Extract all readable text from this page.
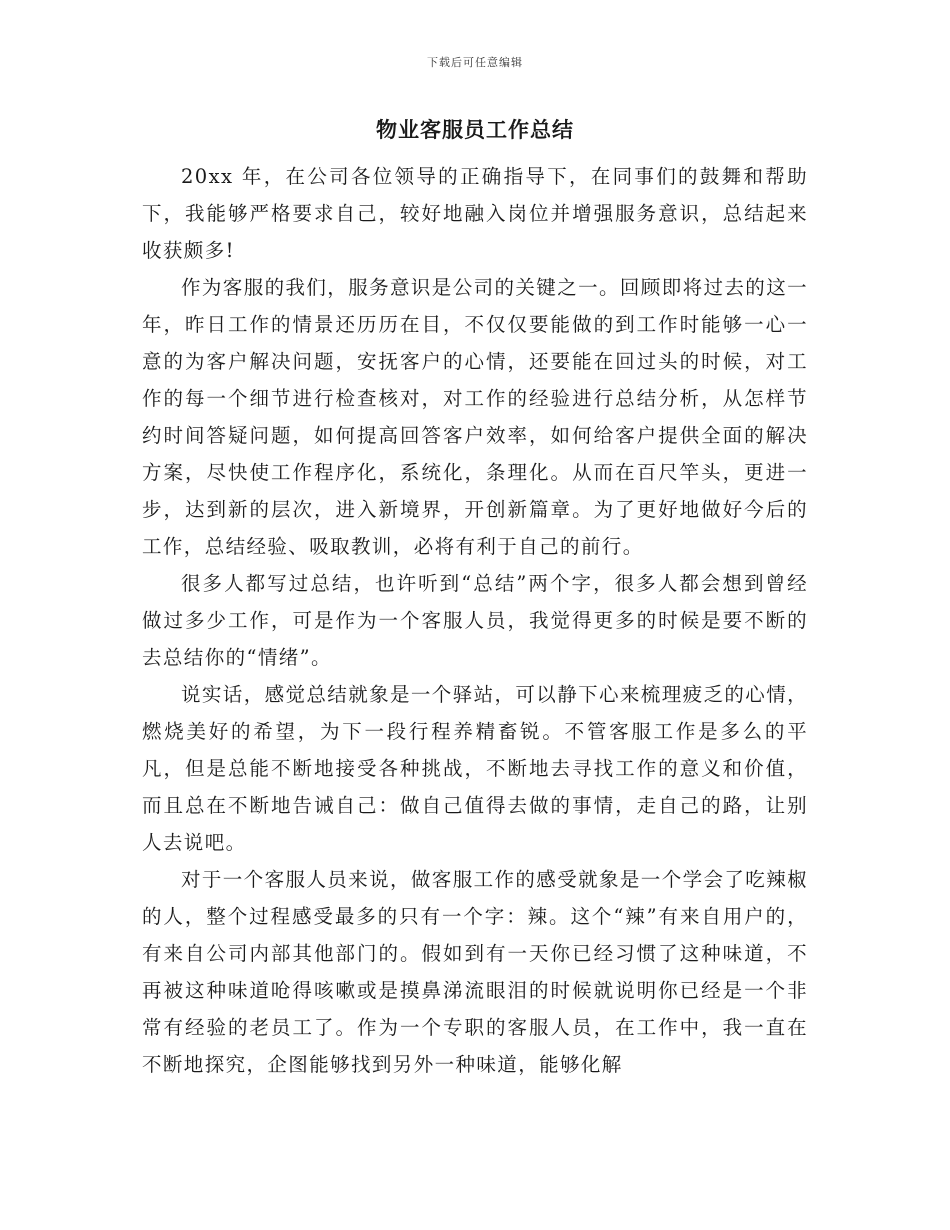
下载后可任意编辑
物业客服员工作总结

20xx 年，在公司各位领导的正确指导下，在同事们的鼓舞和帮助下，我能够严格要求自己，较好地融入岗位并增强服务意识，总结起来收获颇多!

作为客服的我们，服务意识是公司的关键之一。回顾即将过去的这一年，昨日工作的情景还历历在目，不仅仅要能做的到工作时能够一心一意的为客户解决问题，安抚客户的心情，还要能在回过头的时候，对工作的每一个细节进行检查核对，对工作的经验进行总结分析，从怎样节约时间答疑问题，如何提高回答客户效率，如何给客户提供全面的解决方案，尽快使工作程序化，系统化，条理化。从而在百尺竿头，更进一步，达到新的层次，进入新境界，开创新篇章。为了更好地做好今后的工作，总结经验、吸取教训，必将有利于自己的前行。

很多人都写过总结，也许听到“总结”两个字，很多人都会想到曾经做过多少工作，可是作为一个客服人员，我觉得更多的时候是要不断的去总结你的“情绪”。

说实话，感觉总结就象是一个驿站，可以静下心来梳理疲乏的心情，燃烧美好的希望，为下一段行程养精畜锐。不管客服工作是多么的平凡，但是总能不断地接受各种挑战，不断地去寻找工作的意义和价值，而且总在不断地告诫自己：做自己值得去做的事情，走自己的路，让别人去说吧。

对于一个客服人员来说，做客服工作的感受就象是一个学会了吃辣椒的人，整个过程感受最多的只有一个字：辣。这个“辣”有来自用户的，有来自公司内部其他部门的。假如到有一天你已经习惯了这种味道，不再被这种味道呛得咳嗽或是摸鼻涕流眼泪的时候就说明你已经是一个非常有经验的老员工了。作为一个专职的客服人员，在工作中，我一直在不断地探究，企图能够找到另外一种味道，能够化解
